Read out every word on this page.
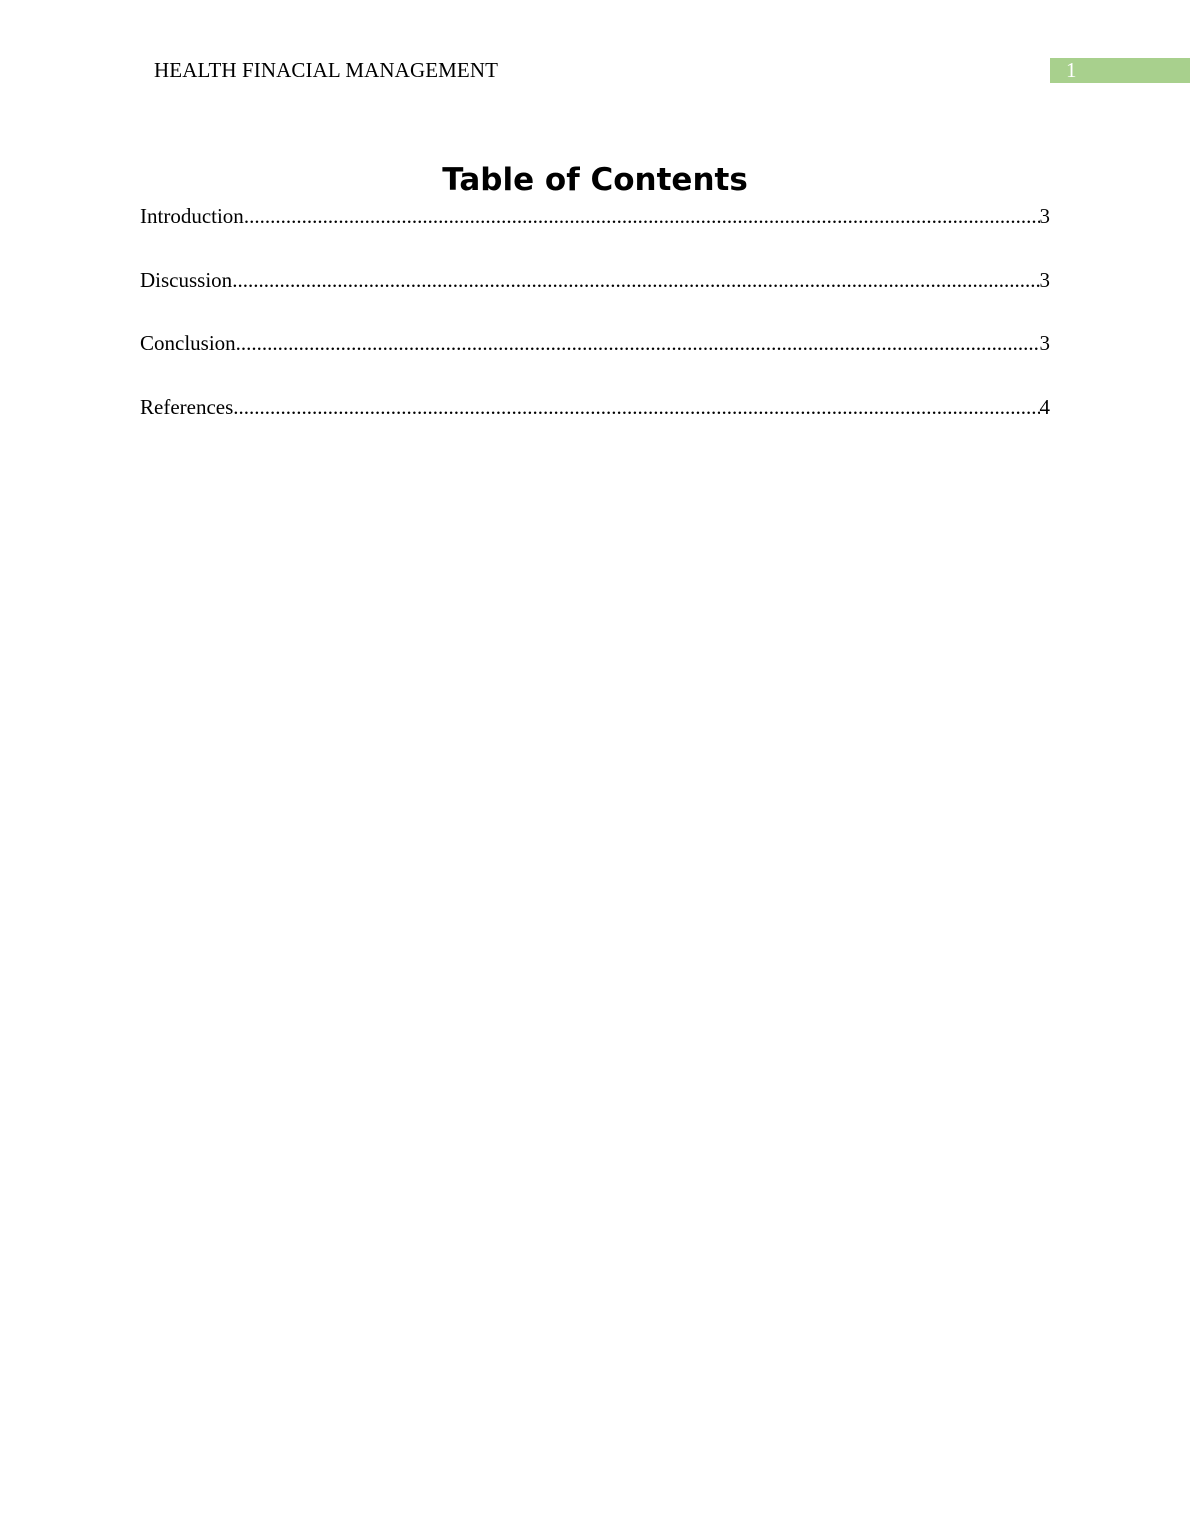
HEALTH FINACIAL MANAGEMENT	1
Table of Contents
Introduction .....	3
Discussion .....	3
Conclusion .....	3
References .....	4
